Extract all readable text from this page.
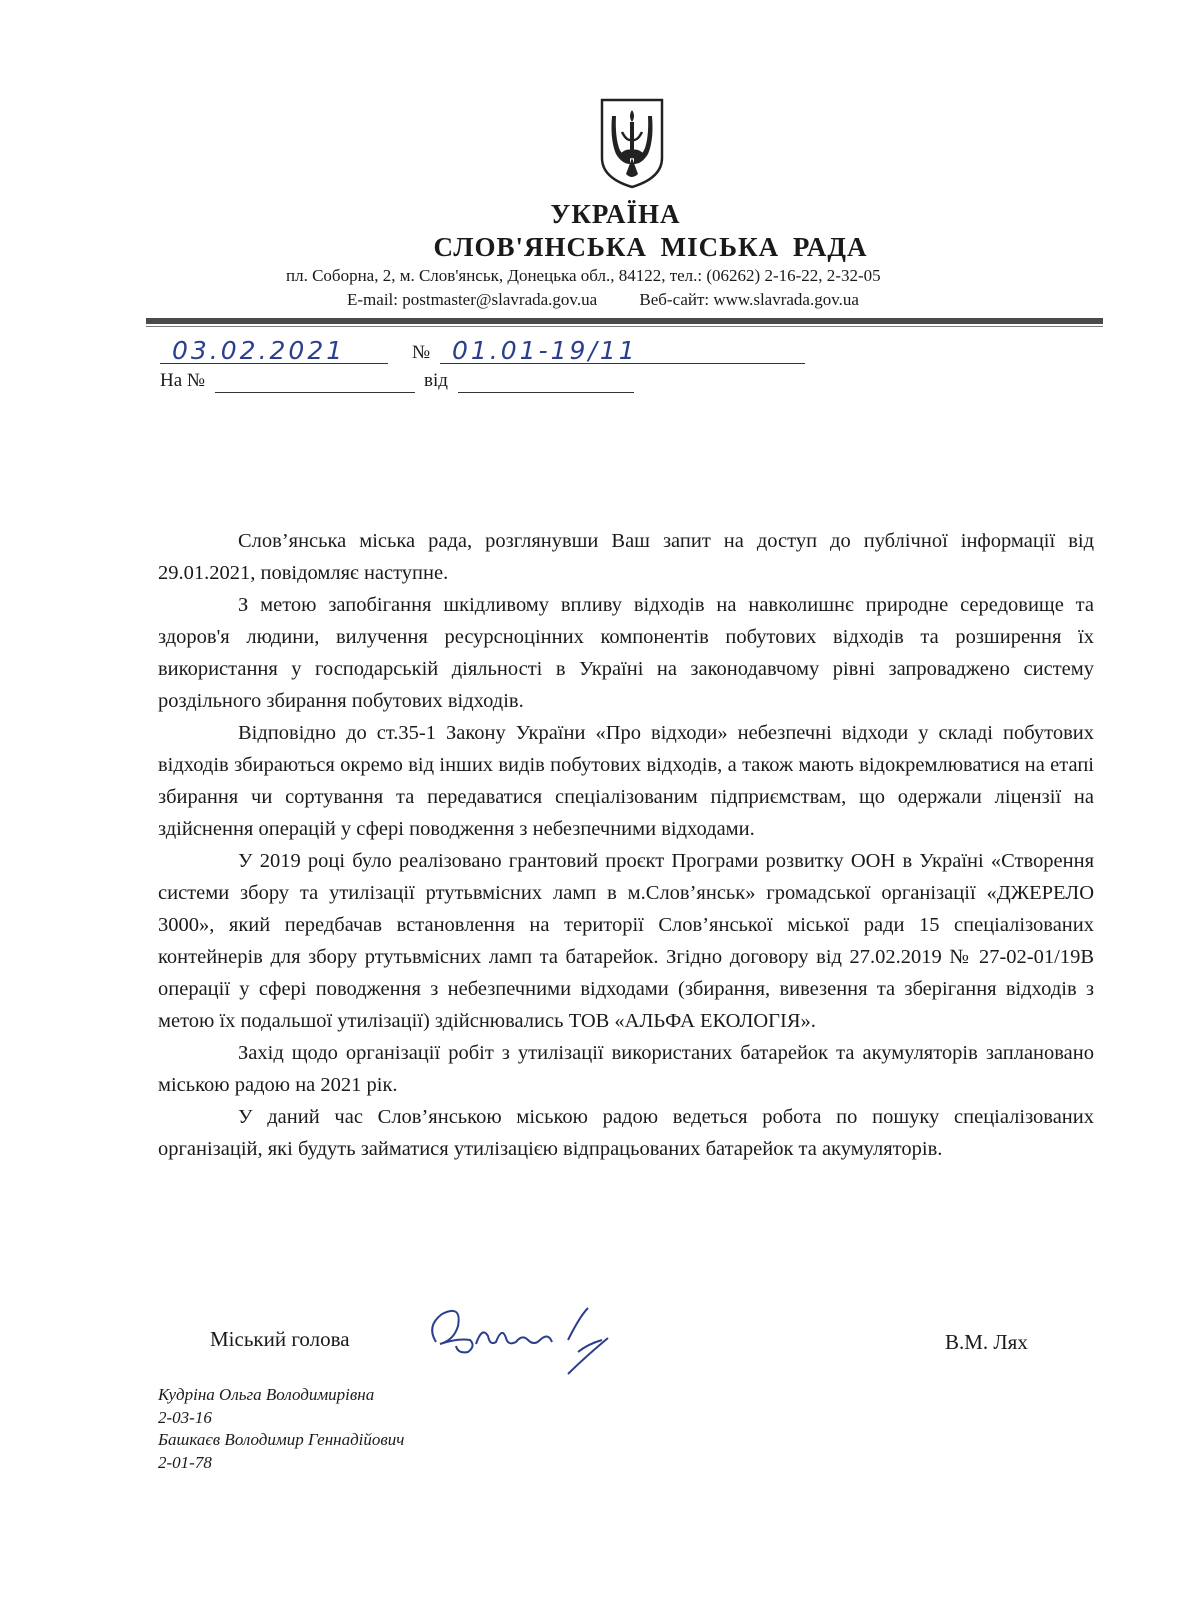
УКРАЇНА
СЛОВ'ЯНСЬКА МІСЬКА РАДА
пл. Соборна, 2, м. Слов'янськ, Донецька обл., 84122, тел.: (06262) 2-16-22, 2-32-05
E-mail: postmaster@slavrada.gov.ua Веб-сайт: www.slavrada.gov.ua
03.02.2021	№ 01.01-19/11
На №	від

Слов’янська міська рада, розглянувши Ваш запит на доступ до публічної інформації від 29.01.2021, повідомляє наступне.

З метою запобігання шкідливому впливу відходів на навколишнє природне середовище та здоров'я людини, вилучення ресурсноцінних компонентів побутових відходів та розширення їх використання у господарській діяльності в Україні на законодавчому рівні запроваджено систему роздільного збирання побутових відходів.

Відповідно до ст.35-1 Закону України «Про відходи» небезпечні відходи у складі побутових відходів збираються окремо від інших видів побутових відходів, а також мають відокремлюватися на етапі збирання чи сортування та передаватися спеціалізованим підприємствам, що одержали ліцензії на здійснення операцій у сфері поводження з небезпечними відходами.

У 2019 році було реалізовано грантовий проєкт Програми розвитку ООН в Україні «Створення системи збору та утилізації ртутьвмісних ламп в м.Слов’янськ» громадської організації «ДЖЕРЕЛО 3000», який передбачав встановлення на території Слов’янської міської ради 15 спеціалізованих контейнерів для збору ртутьвмісних ламп та батарейок. Згідно договору від 27.02.2019 № 27-02-01/19В операції у сфері поводження з небезпечними відходами (збирання, вивезення та зберігання відходів з метою їх подальшої утилізації) здійснювались ТОВ «АЛЬФА ЕКОЛОГІЯ».

Захід щодо організації робіт з утилізації використаних батарейок та акумуляторів заплановано міською радою на 2021 рік.

У даний час Слов’янською міською радою ведеться робота по пошуку спеціалізованих організацій, які будуть займатися утилізацією відпрацьованих батарейок та акумуляторів.

Міський голова	В.М. Лях
Кудріна Ольга Володимирівна
2-03-16
Башкаєв Володимир Геннадійович
2-01-78
